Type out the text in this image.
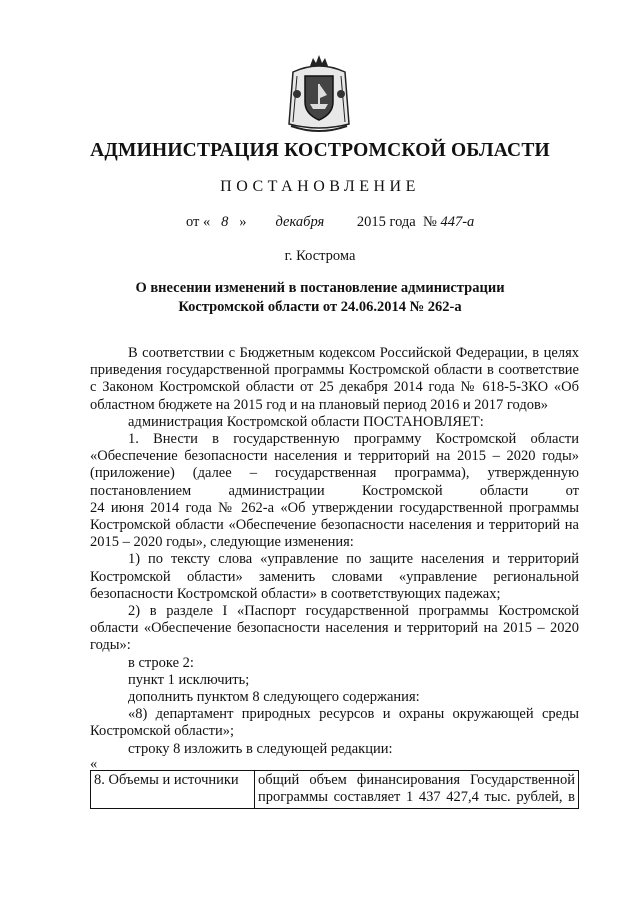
АДМИНИСТРАЦИЯ КОСТРОМСКОЙ ОБЛАСТИ
ПОСТАНОВЛЕНИЕ
от « 8 » декабря 2015 года № 447-а
г. Кострома
О внесении изменений в постановление администрации
Костромской области от 24.06.2014 № 262-а

В соответствии с Бюджетным кодексом Российской Федерации, в целях приведения государственной программы Костромской области в соответствие с Законом Костромской области от 25 декабря 2014 года № 618-5-ЗКО «Об областном бюджете на 2015 год и на плановый период 2016 и 2017 годов»

администрация Костромской области ПОСТАНОВЛЯЕТ:

1. Внести в государственную программу Костромской области «Обеспечение безопасности населения и территорий на 2015 – 2020 годы» (приложение) (далее – государственная программа), утвержденную постановлением администрации Костромской области от

24 июня 2014 года № 262-а «Об утверждении государственной программы Костромской области «Обеспечение безопасности населения и территорий на 2015 – 2020 годы», следующие изменения:

1) по тексту слова «управление по защите населения и территорий Костромской области» заменить словами «управление региональной безопасности Костромской области» в соответствующих падежах;

2) в разделе I «Паспорт государственной программы Костромской области «Обеспечение безопасности населения и территорий на 2015 – 2020 годы»:

в строке 2:

пункт 1 исключить;

дополнить пунктом 8 следующего содержания:

«8) департамент природных ресурсов и охраны окружающей среды Костромской области»;

строку 8 изложить в следующей редакции:

«

8. Объемы и источники	общий объем финансирования Государственной программы составляет 1 437 427,4 тыс. рублей, в
